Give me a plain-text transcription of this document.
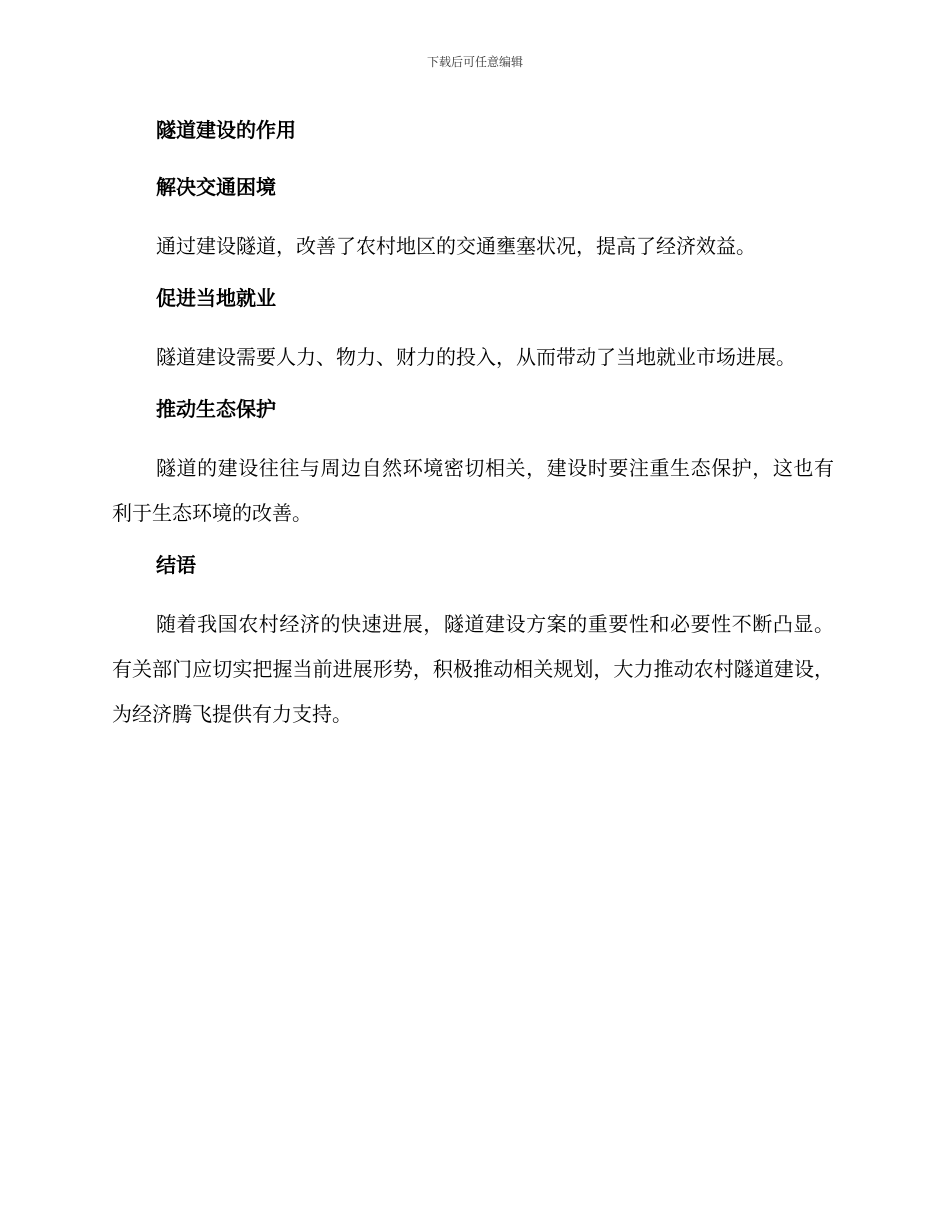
下载后可任意编辑
隧道建设的作用
解决交通困境
通过建设隧道，改善了农村地区的交通壅塞状况，提高了经济效益。
促进当地就业
隧道建设需要人力、物力、财力的投入，从而带动了当地就业市场进展。
推动生态保护
隧道的建设往往与周边自然环境密切相关，建设时要注重生态保护，这也有利于生态环境的改善。
结语
随着我国农村经济的快速进展，隧道建设方案的重要性和必要性不断凸显。有关部门应切实把握当前进展形势，积极推动相关规划，大力推动农村隧道建设，为经济腾飞提供有力支持。
